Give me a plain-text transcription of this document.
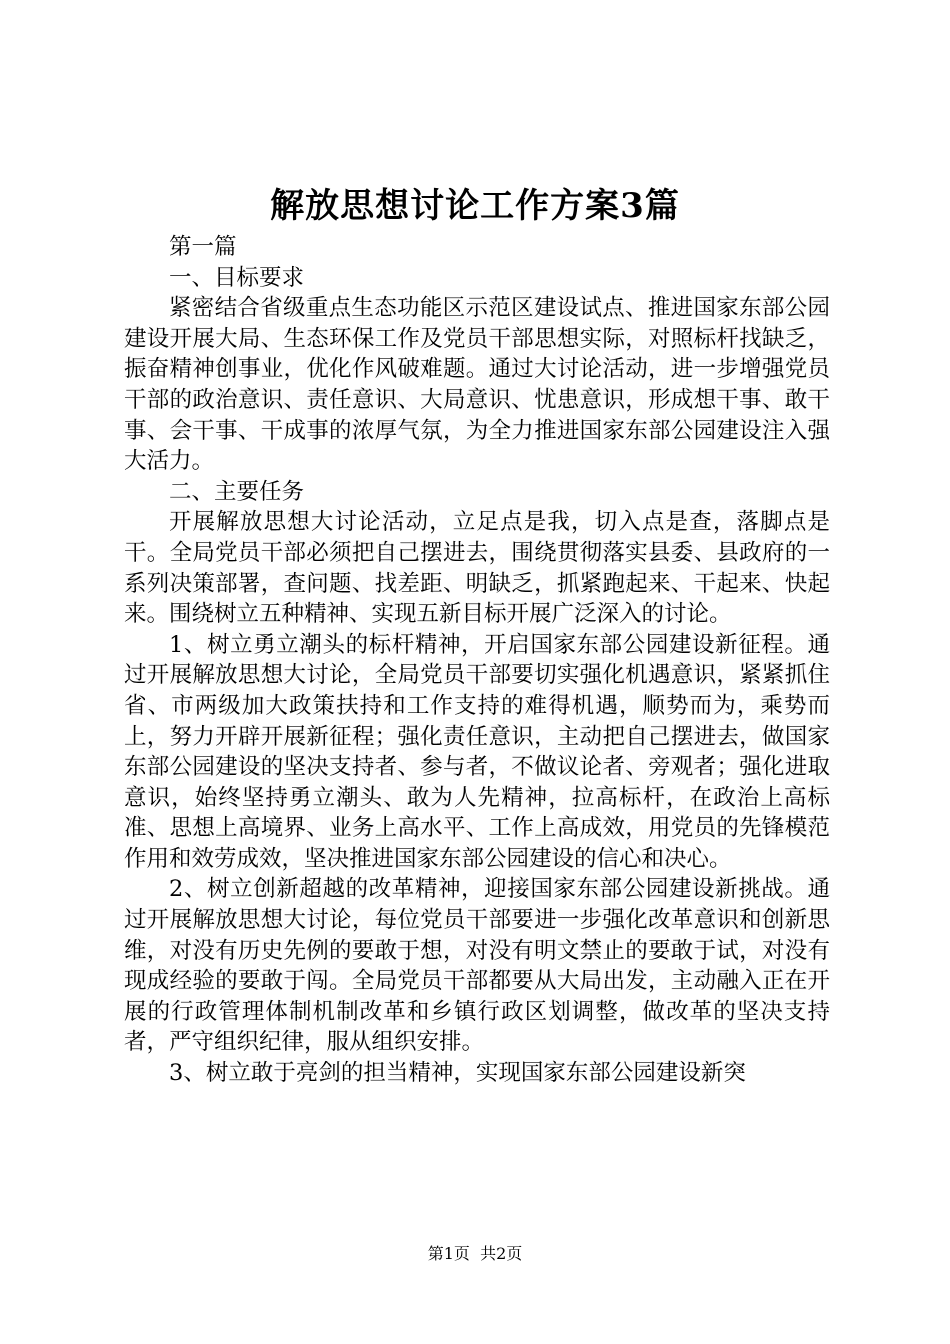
解放思想讨论工作方案3篇

第一篇

一、目标要求

紧密结合省级重点生态功能区示范区建设试点、推进国家东部公园建设开展大局、生态环保工作及党员干部思想实际，对照标杆找缺乏，振奋精神创事业，优化作风破难题。通过大讨论活动，进一步增强党员干部的政治意识、责任意识、大局意识、忧患意识，形成想干事、敢干事、会干事、干成事的浓厚气氛，为全力推进国家东部公园建设注入强大活力。

二、主要任务

开展解放思想大讨论活动，立足点是我，切入点是查，落脚点是干。全局党员干部必须把自己摆进去，围绕贯彻落实县委、县政府的一系列决策部署，查问题、找差距、明缺乏，抓紧跑起来、干起来、快起来。围绕树立五种精神、实现五新目标开展广泛深入的讨论。

1、树立勇立潮头的标杆精神，开启国家东部公园建设新征程。通过开展解放思想大讨论，全局党员干部要切实强化机遇意识，紧紧抓住省、市两级加大政策扶持和工作支持的难得机遇，顺势而为，乘势而上，努力开辟开展新征程；强化责任意识，主动把自己摆进去，做国家东部公园建设的坚决支持者、参与者，不做议论者、旁观者；强化进取意识，始终坚持勇立潮头、敢为人先精神，拉高标杆，在政治上高标准、思想上高境界、业务上高水平、工作上高成效，用党员的先锋模范作用和效劳成效，坚决推进国家东部公园建设的信心和决心。

2、树立创新超越的改革精神，迎接国家东部公园建设新挑战。通过开展解放思想大讨论，每位党员干部要进一步强化改革意识和创新思维，对没有历史先例的要敢于想，对没有明文禁止的要敢于试，对没有现成经验的要敢于闯。全局党员干部都要从大局出发，主动融入正在开展的行政管理体制机制改革和乡镇行政区划调整，做改革的坚决支持者，严守组织纪律，服从组织安排。

3、树立敢于亮剑的担当精神，实现国家东部公园建设新突

第1页 共2页
